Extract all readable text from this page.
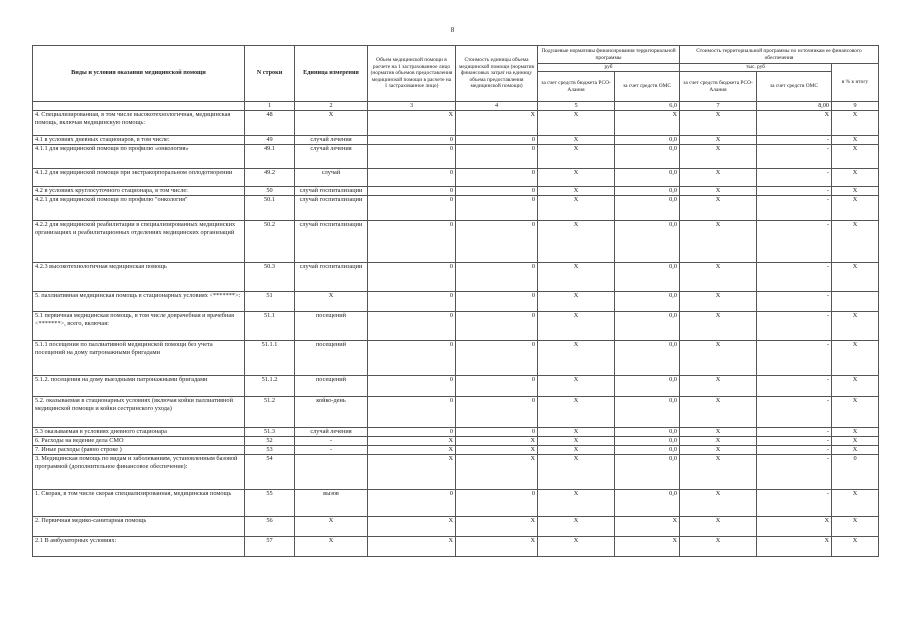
8
Виды и условия оказания медицинской помощи	N строки	Единица измерения	Объем медицинской помощи в расчете на 1 застрахованное лицо (норматив объемов предоставления медицинской помощи в расчете на 1 застрахованное лицо)	Стоимость единицы объема медицинской помощи (норматив финансовых затрат на единицу объема предоставления медицинской помощи)	Подушевые нормативы финансирования территориальной программы		Стоимость территориальной программы по источникам ее финансового обеспечения		
					руб		тыс. руб		в % к итогу
					за счет средств бюджета РСО-Алания	за счет средств ОМС	за счет средств бюджета РСО-Алания	за счет средств ОМС	
	1	2	3	4	5	6,0	7	8,00	9
4. Специализированная, в том числе высокотехнологичная, медицинская помощь, включая медицинскую помощь:	48	X	X	X	X	X	X	X	X
4.1 в условиях дневных стационаров, в том числе:	49	случай лечения	0	0	X	0,0	X	-	X
4.1.1 для медицинской помощи по профилю «онкология»	49.1	случай лечения	0	0	X	0,0	X	-	X
4.1.2 для медицинской помощи при экстракорпоральном оплодотворении	49.2	случай	0	0	X	0,0	X	-	X
4.2 в условиях круглосуточного стационара, в том числе:	50	случай госпитализации	0	0	X	0,0	X	-	X
4.2.1 для медицинской помощи по профилю "онкология"	50.1	случай госпитализации	0	0	X	0,0	X	-	X
4.2.2 для медицинской реабилитации в специализированных медицинских организациях и реабилитационных отделениях медицинских организаций	50.2	случай госпитализации	0	0	X	0,0	X	-	X
4.2.3 высокотехнологичная медицинская помощь	50.3	случай госпитализации	0	0	X	0,0	X	-	X
5. паллиативная медицинская помощь в стационарных условиях <*******>:	51	X	0	0	X	0,0	X	-	
5.1 первичная медицинская помощь, в том числе доврачебная и врачебная <*******>, всего, включая:	51.1	посещений	0	0	X	0,0	X	-	X
5.1.1 посещения по паллиативной медицинской помощи без учета посещений на дому патронажными бригадами	51.1.1	посещений	0	0	X	0,0	X	-	X
5.1.2. посещения на дому выездными патронажными бригадами	51.1.2	посещений	0	0	X	0,0	X	-	X
5.2. оказываемая в стационарных условиях (включая койки паллиативной медицинской помощи и койки сестринского ухода)	51.2	койко-день	0	0	X	0,0	X	-	X
5.3 оказываемая в условиях дневного стационара	51.3	случай лечения	0	0	X	0,0	X	-	X
6. Расходы на ведение дела СМО	52	-	X	X	X	0,0	X	-	X
7. Иные расходы (равно строке )	53	-	X	X	X	0,0	X	-	X
3. Медицинская помощь по видам и заболеваниям, установленным базовой программой (дополнительное финансовое обеспечение):	54		X	X	X	0,0	X	-	0
1. Скорая, в том числе скорая специализированная, медицинская помощь	55	вызов	0	0	X	0,0	X	-	X
2. Первичная медико-санитарная помощь	56	X	X	X	X	X	X	X	X
2.1 В амбулаторных условиях:	57	X	X	X	X	X	X	X	X
